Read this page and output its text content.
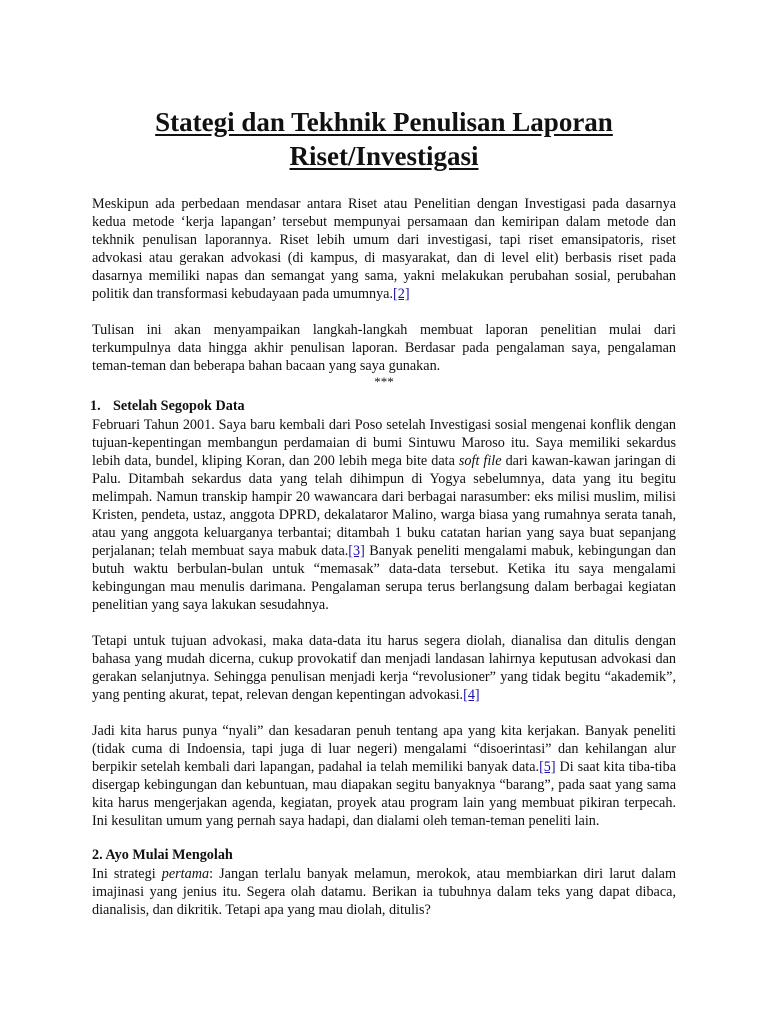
Stategi dan Tekhnik Penulisan Laporan
Riset/Investigasi

Meskipun ada perbedaan mendasar antara Riset atau Penelitian dengan Investigasi pada dasarnya kedua metode ‘kerja lapangan’ tersebut mempunyai persamaan dan kemiripan dalam metode dan tekhnik penulisan laporannya. Riset lebih umum dari investigasi, tapi riset emansipatoris, riset advokasi atau gerakan advokasi (di kampus, di masyarakat, dan di level elit) berbasis riset pada dasarnya memiliki napas dan semangat yang sama, yakni melakukan perubahan sosial, perubahan politik dan transformasi kebudayaan pada umumnya.[2]

Tulisan ini akan menyampaikan langkah-langkah membuat laporan penelitian mulai dari terkumpulnya data hingga akhir penulisan laporan. Berdasar pada pengalaman saya, pengalaman teman-teman dan beberapa bahan bacaan yang saya gunakan.

***
1. Setelah Segopok Data

Februari Tahun 2001. Saya baru kembali dari Poso setelah Investigasi sosial mengenai konflik dengan tujuan-kepentingan membangun perdamaian di bumi Sintuwu Maroso itu. Saya memiliki sekardus lebih data, bundel, kliping Koran, dan 200 lebih mega bite data soft file dari kawan-kawan jaringan di Palu. Ditambah sekardus data yang telah dihimpun di Yogya sebelumnya, data yang itu begitu melimpah. Namun transkip hampir 20 wawancara dari berbagai narasumber: eks milisi muslim, milisi Kristen, pendeta, ustaz, anggota DPRD, dekalataror Malino, warga biasa yang rumahnya serata tanah, atau yang anggota keluarganya terbantai; ditambah 1 buku catatan harian yang saya buat sepanjang perjalanan; telah membuat saya mabuk data.[3] Banyak peneliti mengalami mabuk, kebingungan dan butuh waktu berbulan-bulan untuk “memasak” data-data tersebut. Ketika itu saya mengalami kebingungan mau menulis darimana. Pengalaman serupa terus berlangsung dalam berbagai kegiatan penelitian yang saya lakukan sesudahnya.

Tetapi untuk tujuan advokasi, maka data-data itu harus segera diolah, dianalisa dan ditulis dengan bahasa yang mudah dicerna, cukup provokatif dan menjadi landasan lahirnya keputusan advokasi dan gerakan selanjutnya. Sehingga penulisan menjadi kerja “revolusioner” yang tidak begitu “akademik”, yang penting akurat, tepat, relevan dengan kepentingan advokasi.[4]

Jadi kita harus punya “nyali” dan kesadaran penuh tentang apa yang kita kerjakan. Banyak peneliti (tidak cuma di Indoensia, tapi juga di luar negeri) mengalami “disoerintasi” dan kehilangan alur berpikir setelah kembali dari lapangan, padahal ia telah memiliki banyak data.[5] Di saat kita tiba-tiba disergap kebingungan dan kebuntuan, mau diapakan segitu banyaknya “barang”, pada saat yang sama kita harus mengerjakan agenda, kegiatan, proyek atau program lain yang membuat pikiran terpecah. Ini kesulitan umum yang pernah saya hadapi, dan dialami oleh teman-teman peneliti lain.

2. Ayo Mulai Mengolah

Ini strategi pertama: Jangan terlalu banyak melamun, merokok, atau membiarkan diri larut dalam imajinasi yang jenius itu. Segera olah datamu. Berikan ia tubuhnya dalam teks yang dapat dibaca, dianalisis, dan dikritik. Tetapi apa yang mau diolah, ditulis?
